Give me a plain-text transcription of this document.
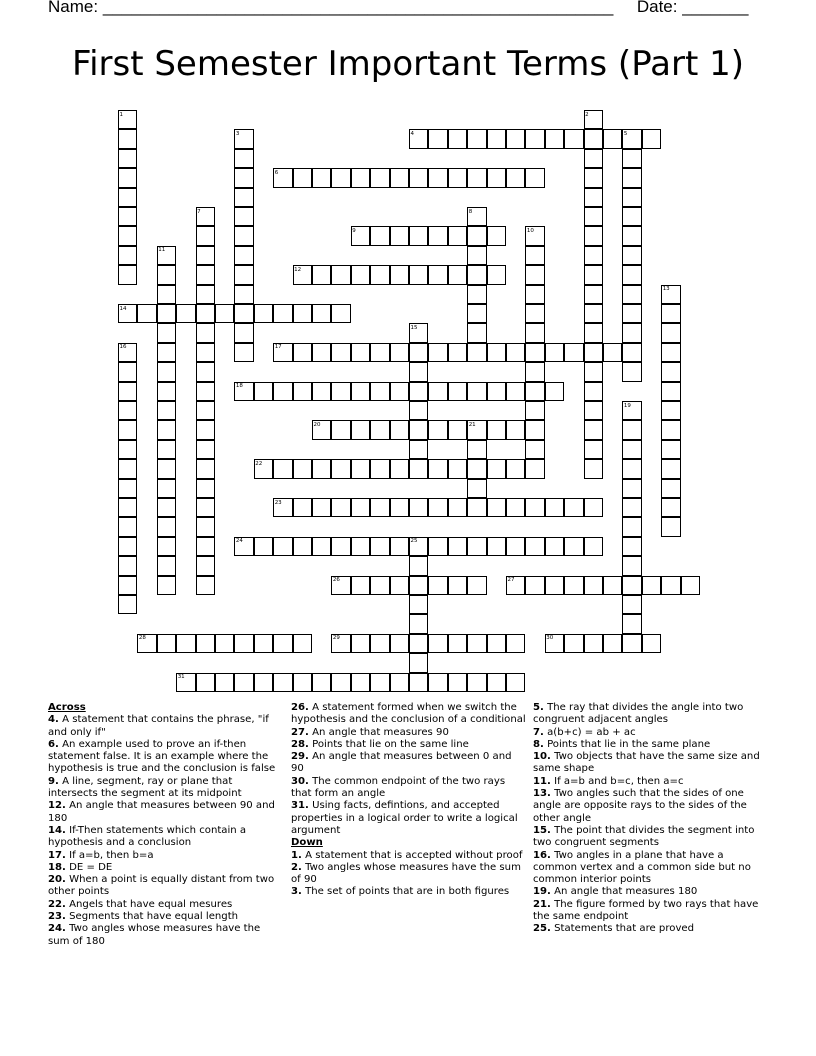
Name: ______________________________________________________ Date: _______
First Semester Important Terms (Part 1)
1	2
3	4	5
6
7	8
9	10
11
12
13
14
15
16	17
18
19
20	21
22
23
24	25
26	27
28	29	30
31
Across
4. A statement that contains the phrase, "if and only if"
6. An example used to prove an if-then statement false. It is an example where the hypothesis is true and the conclusion is false
9. A line, segment, ray or plane that intersects the segment at its midpoint
12. An angle that measures between 90 and 180
14. If-Then statements which contain a hypothesis and a conclusion
17. If a=b, then b=a
18. DE = DE
20. When a point is equally distant from two other points
22. Angels that have equal mesures
23. Segments that have equal length
24. Two angles whose measures have the sum of 180
26. A statement formed when we switch the hypothesis and the conclusion of a conditional
27. An angle that measures 90
28. Points that lie on the same line
29. An angle that measures between 0 and 90
30. The common endpoint of the two rays that form an angle
31. Using facts, defintions, and accepted properties in a logical order to write a logical argument
Down
1. A statement that is accepted without proof
2. Two angles whose measures have the sum of 90
3. The set of points that are in both figures
5. The ray that divides the angle into two congruent adjacent angles
7. a(b+c) = ab + ac
8. Points that lie in the same plane
10. Two objects that have the same size and same shape
11. If a=b and b=c, then a=c
13. Two angles such that the sides of one angle are opposite rays to the sides of the other angle
15. The point that divides the segment into two congruent segments
16. Two angles in a plane that have a common vertex and a common side but no common interior points
19. An angle that measures 180
21. The figure formed by two rays that have the same endpoint
25. Statements that are proved
